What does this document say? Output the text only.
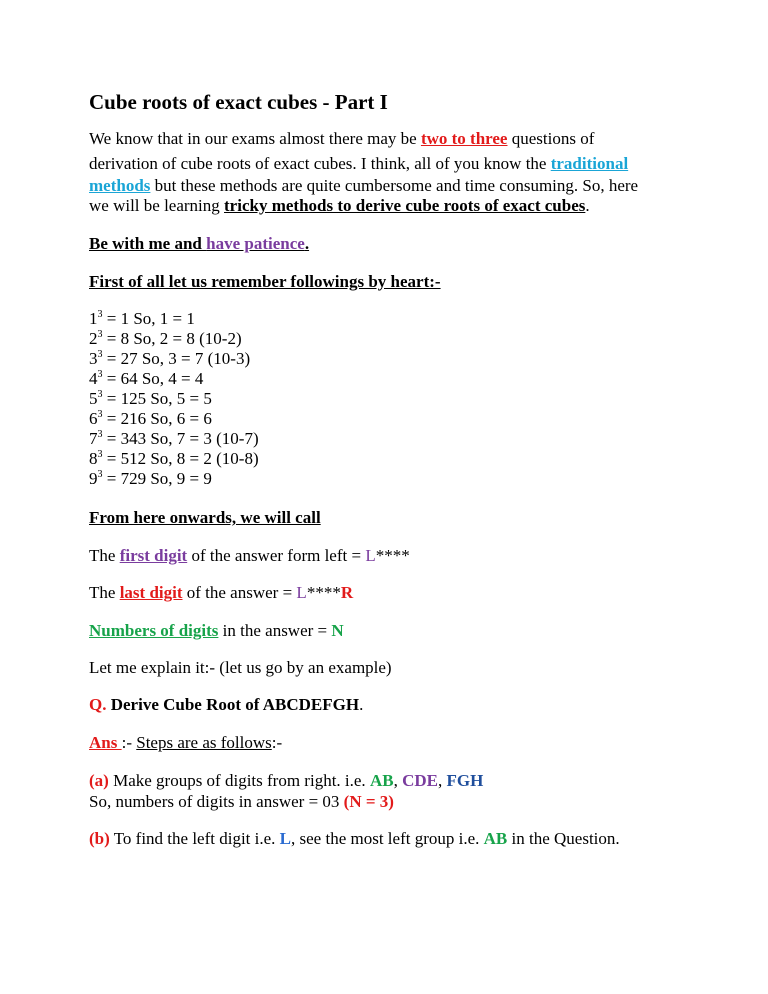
Cube roots of exact cubes - Part I
We know that in our exams almost there may be two to three questions of
derivation of cube roots of exact cubes. I think, all of you know the traditional
methods but these methods are quite cumbersome and time consuming. So, here
we will be learning tricky methods to derive cube roots of exact cubes.
Be with me and have patience.
First of all let us remember followings by heart:-
$1^3 = 1$ So, 1 = 1
$2^3 = 8$ So, 2 = 8 (10-2)
$3^3 = 27$ So, 3 = 7 (10-3)
$4^3 = 64$ So, 4 = 4
$5^3 = 125$ So, 5 = 5
$6^3 = 216$ So, 6 = 6
$7^3 = 343$ So, 7 = 3 (10-7)
$8^3 = 512$ So, 8 = 2 (10-8)
$9^3 = 729$ So, 9 = 9
From here onwards, we will call
The first digit of the answer form left = L****
The last digit of the answer = L****R
Numbers of digits in the answer = N
Let me explain it:- (let us go by an example)
Q. Derive Cube Root of ABCDEFGH.
Ans :- Steps are as follows:-
(a) Make groups of digits from right. i.e. AB, CDE, FGH
So, numbers of digits in answer = 03 (N = 3)
(b) To find the left digit i.e. L, see the most left group i.e. AB in the Question.
